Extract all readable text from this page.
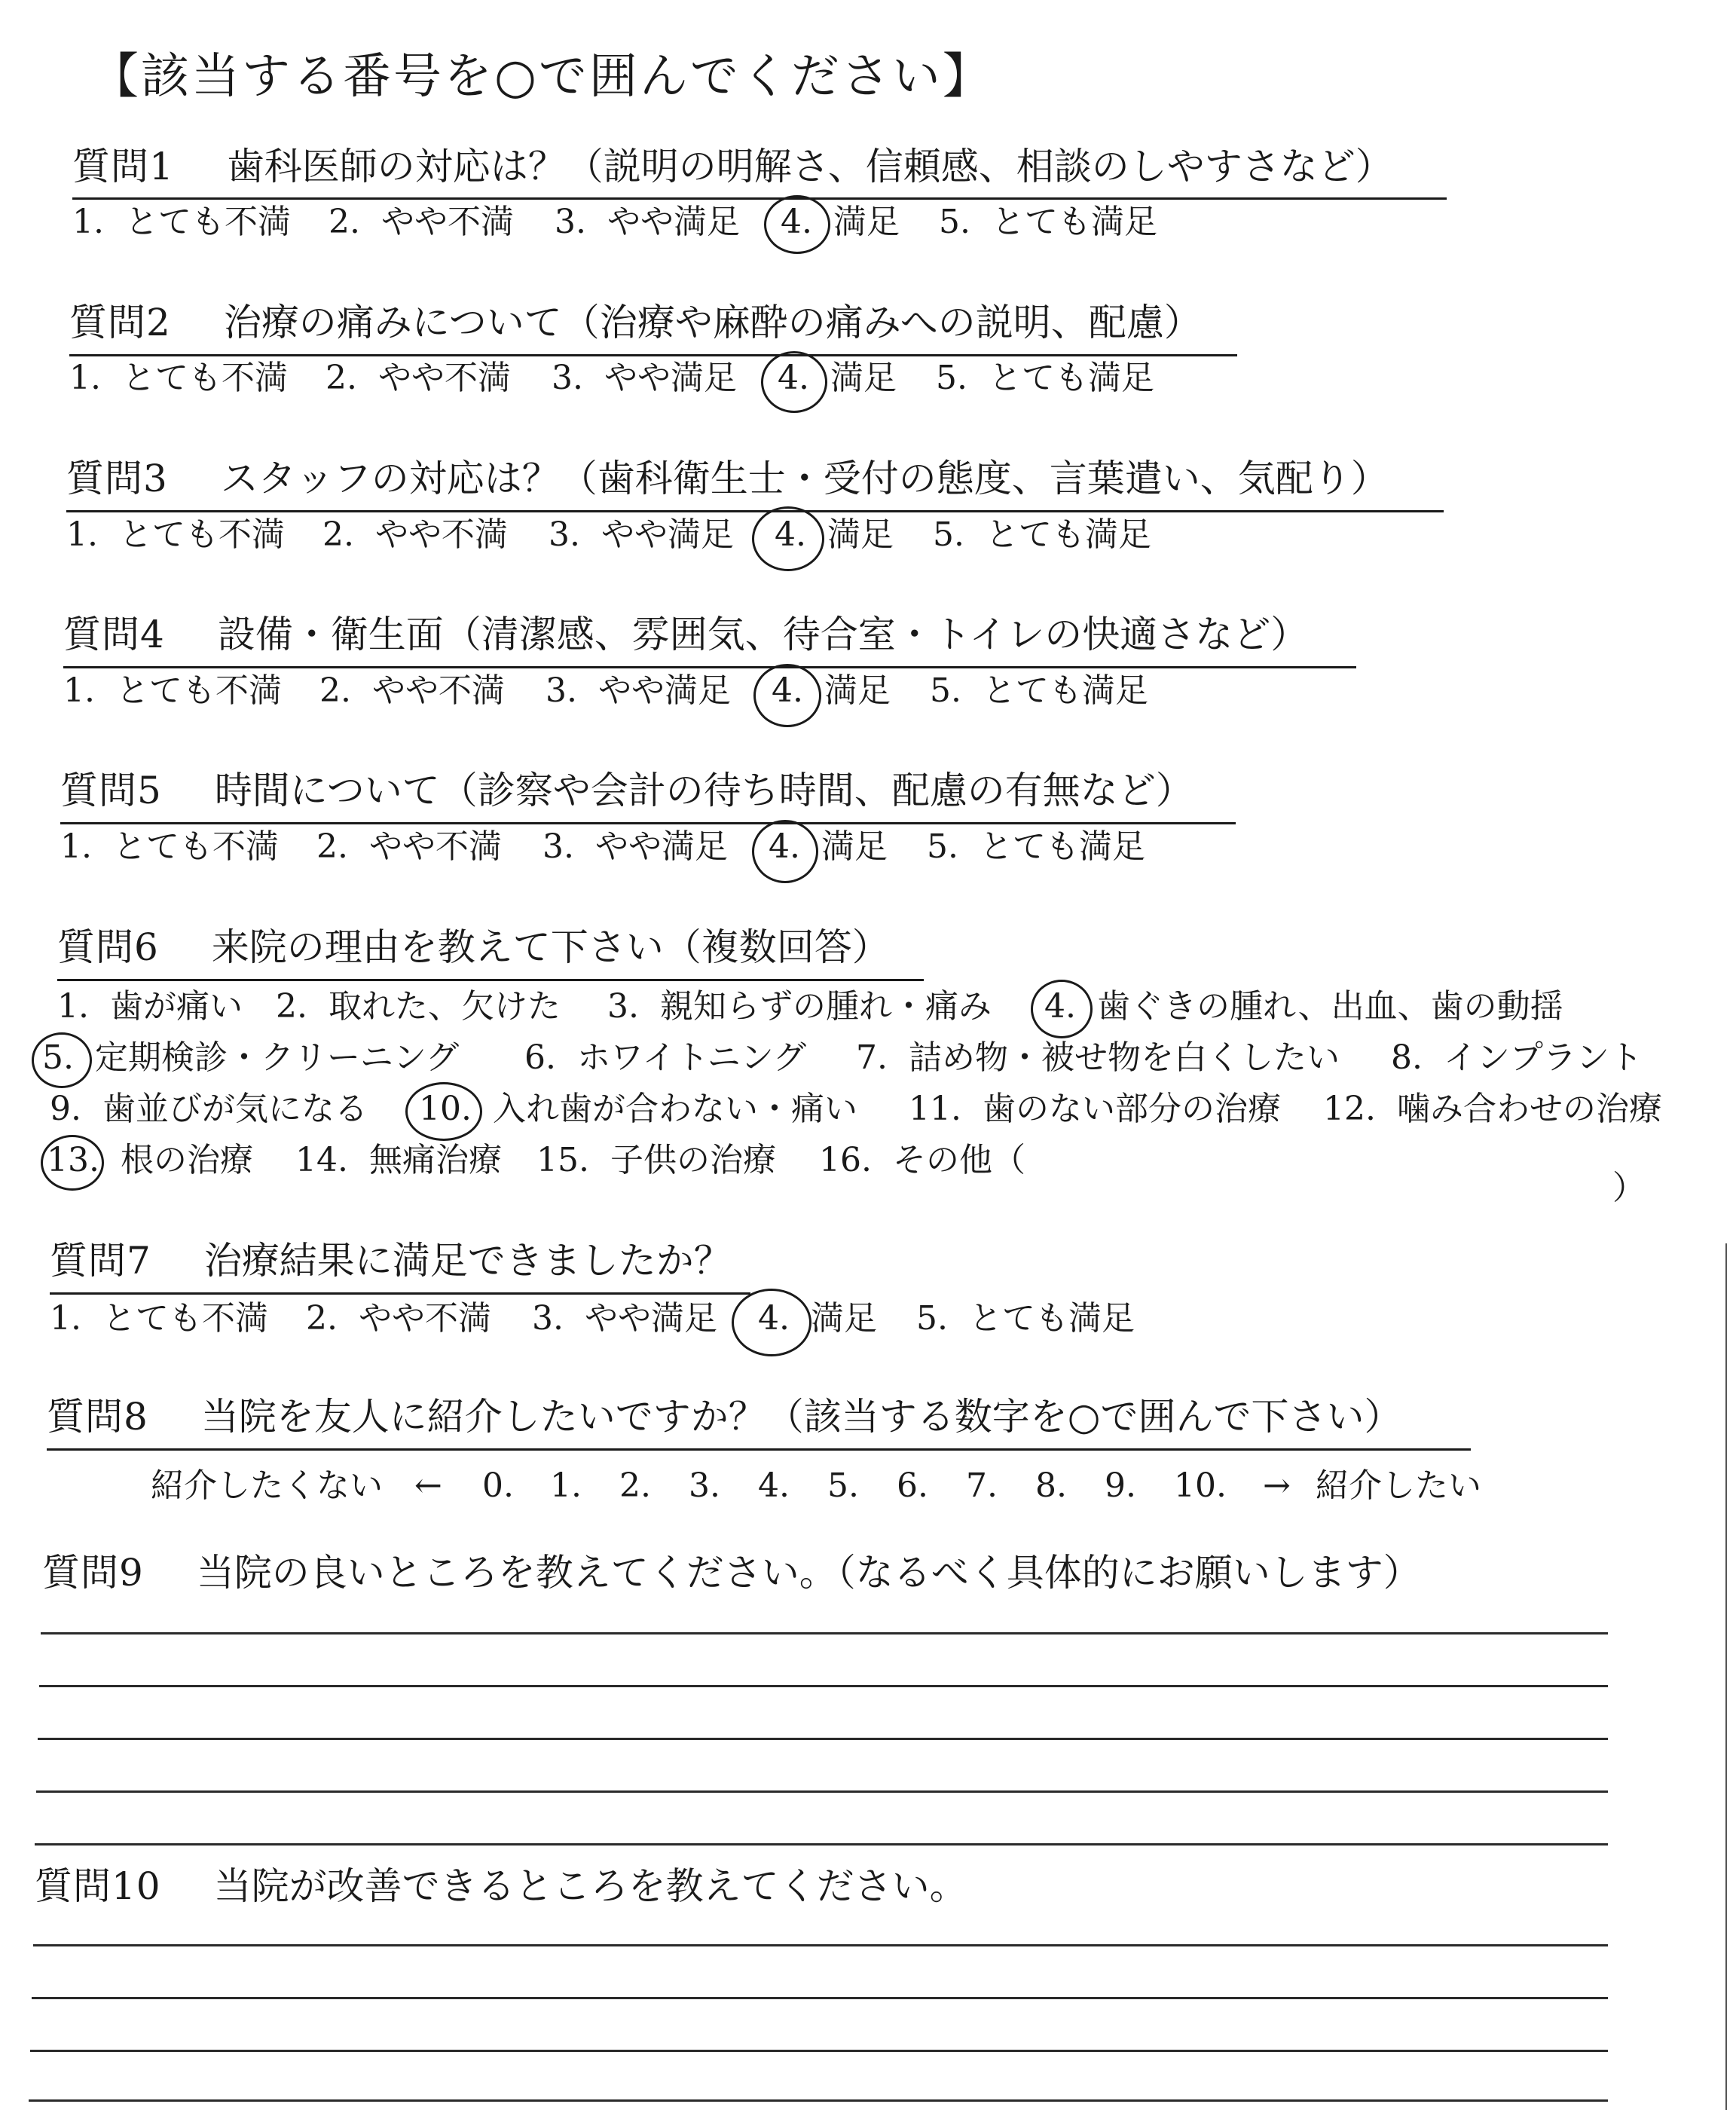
【該当する番号を○で囲んでください】
質問1 歯科医師の対応は？（説明の明解さ、信頼感、相談のしやすさなど）
1. とても不満 2. やや不満 3. やや満足 4. 満足 5. とても満足
質問2 治療の痛みについて（治療や麻酔の痛みへの説明、配慮）
1. とても不満 2. やや不満 3. やや満足 4. 満足 5. とても満足
質問3 スタッフの対応は？（歯科衛生士・受付の態度、言葉遣い、気配り）
1. とても不満 2. やや不満 3. やや満足 4. 満足 5. とても満足
質問4 設備・衛生面（清潔感、雰囲気、待合室・トイレの快適さなど）
1. とても不満 2. やや不満 3. やや満足 4. 満足 5. とても満足
質問5 時間について（診察や会計の待ち時間、配慮の有無など）
1. とても不満 2. やや不満 3. やや満足 4. 満足 5. とても満足
質問6 来院の理由を教えて下さい（複数回答）
1. 歯が痛い 2. 取れた、欠けた 3. 親知らずの腫れ・痛み 4. 歯ぐきの腫れ、出血、歯の動揺
5. 定期検診・クリーニング 6. ホワイトニング 7. 詰め物・被せ物を白くしたい 8. インプラント
9. 歯並びが気になる 10. 入れ歯が合わない・痛い 11. 歯のない部分の治療 12. 噛み合わせの治療
13. 根の治療 14. 無痛治療 15. 子供の治療 16. その他（
）
質問7 治療結果に満足できましたか？
1. とても不満 2. やや不満 3. やや満足 4. 満足 5. とても満足
質問8 当院を友人に紹介したいですか？（該当する数字を○で囲んで下さい）
紹介したくない ← 0. 1. 2. 3. 4. 5. 6. 7. 8. 9. 10. → 紹介したい
質問9 当院の良いところを教えてください。（なるべく具体的にお願いします）
質問10 当院が改善できるところを教えてください。
